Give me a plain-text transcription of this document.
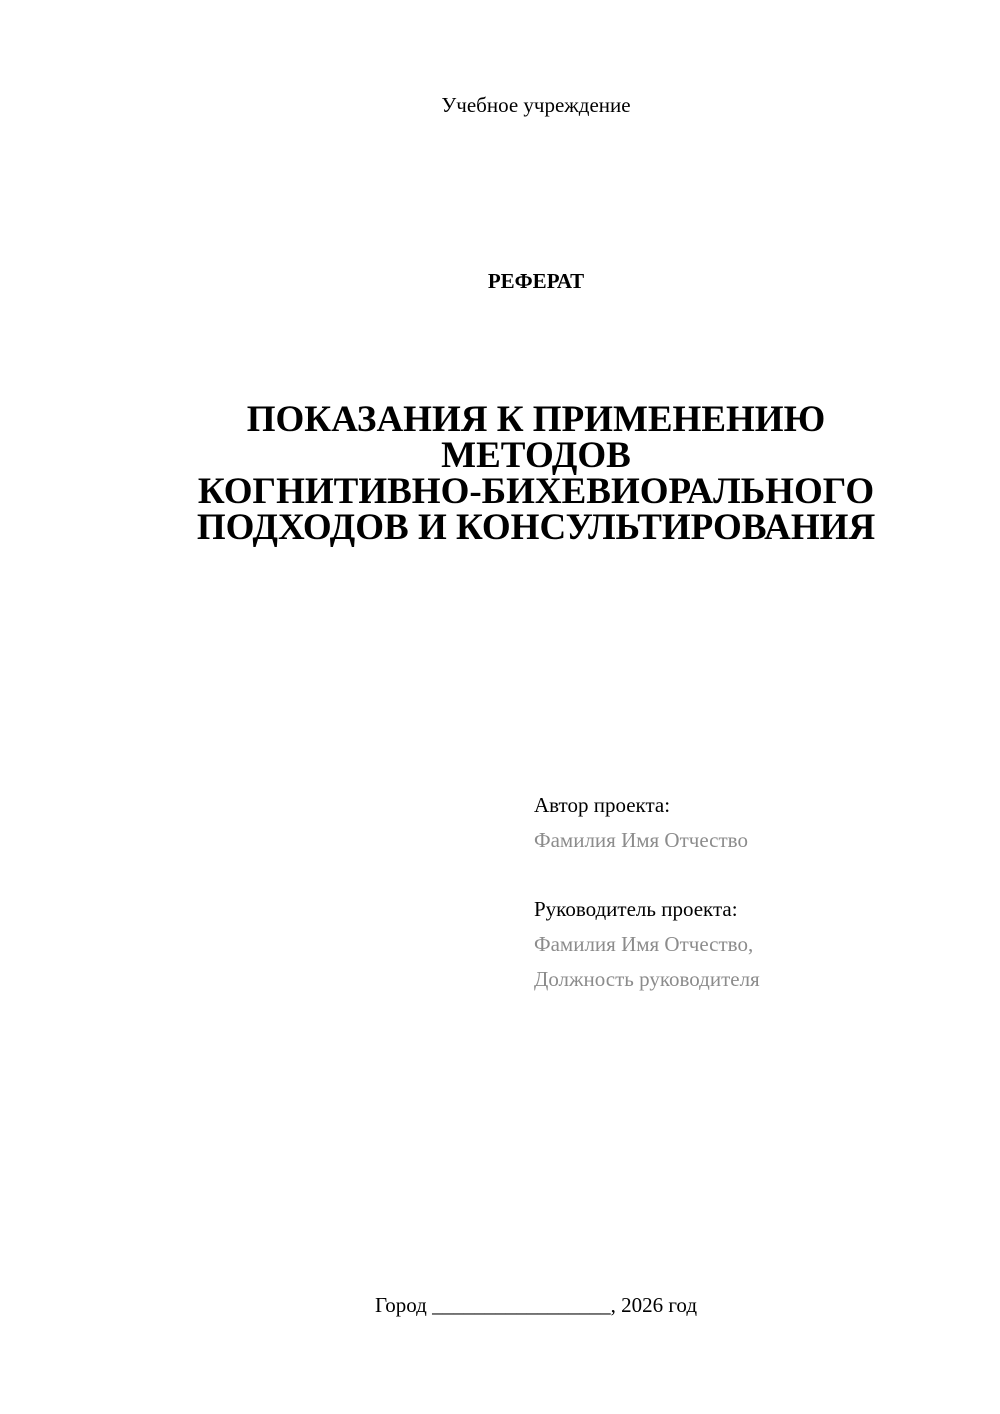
Учебное учреждение
РЕФЕРАТ
ПОКАЗАНИЯ К ПРИМЕНЕНИЮ
МЕТОДОВ
КОГНИТИВНО-БИХЕВИОРАЛЬНОГО
ПОДХОДОВ И КОНСУЛЬТИРОВАНИЯ
Автор проекта:
Фамилия Имя Отчество
Руководитель проекта:
Фамилия Имя Отчество,
Должность руководителя
Город _________________, 2026 год
